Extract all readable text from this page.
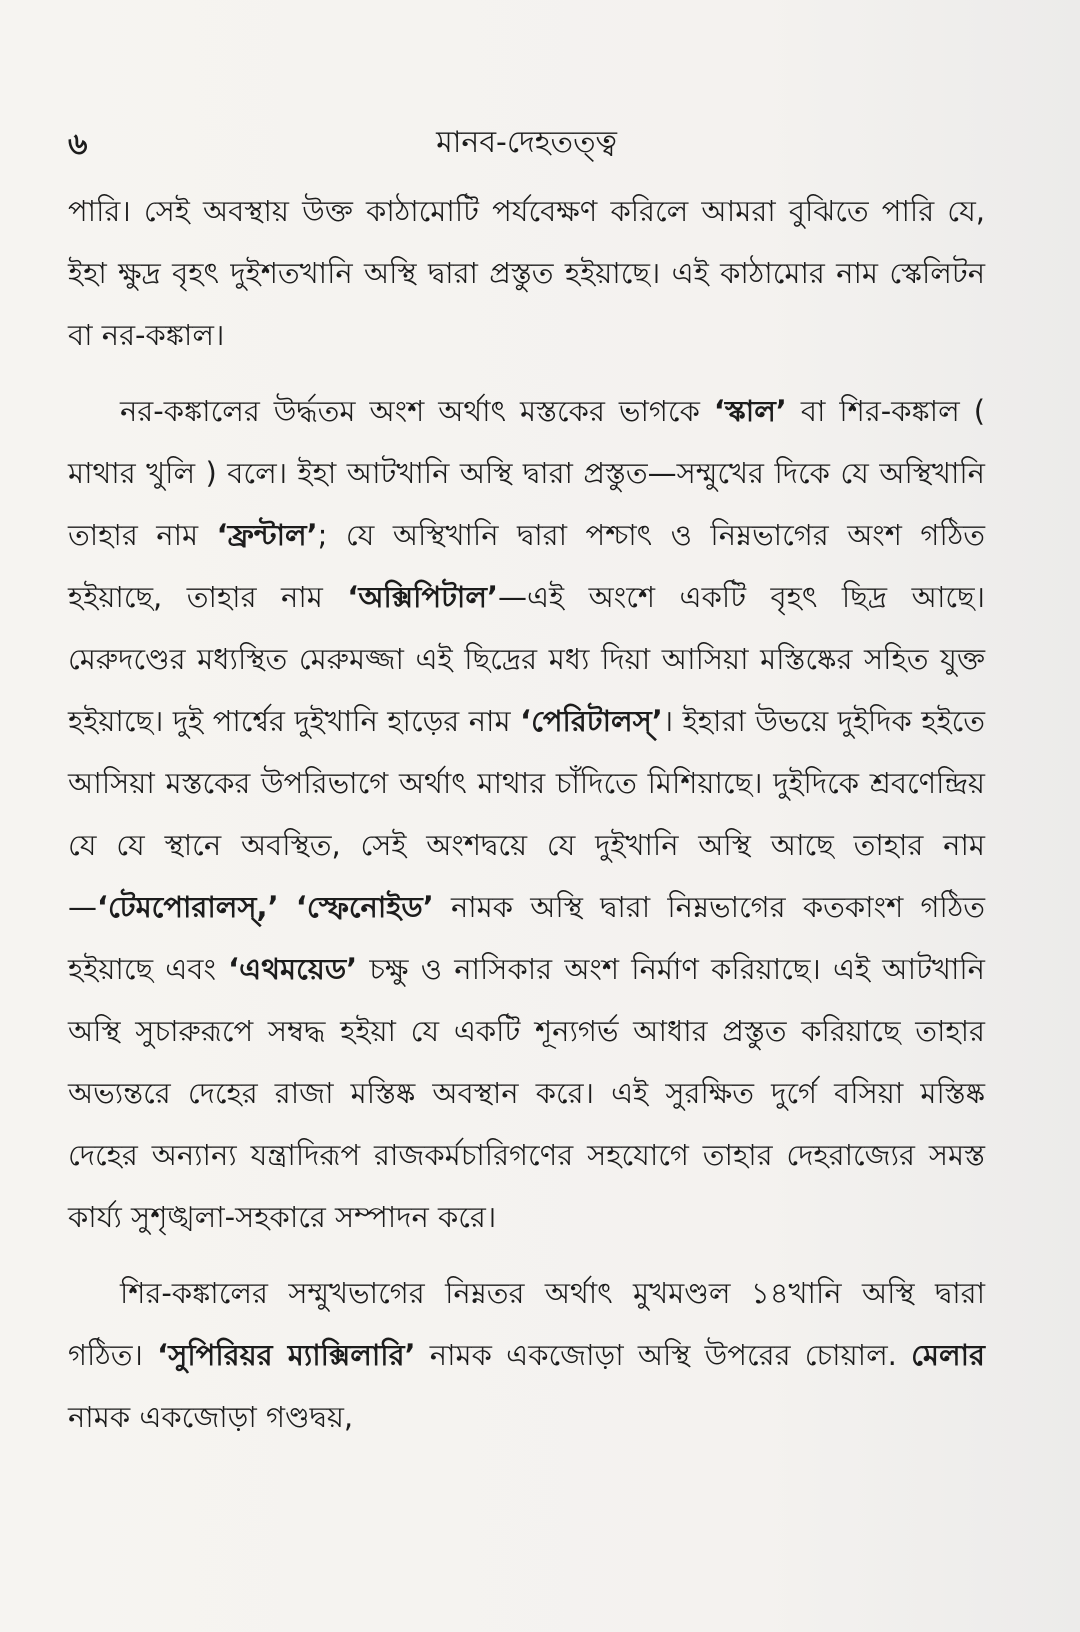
৬	মানব-দেহতত্ত্ব

পারি। সেই অবস্থায় উক্ত কাঠামোটি পর্যবেক্ষণ করিলে আমরা বুঝিতে পারি যে, ইহা ক্ষুদ্র বৃহৎ দুইশতখানি অস্থি দ্বারা প্রস্তুত হইয়াছে। এই কাঠামোর নাম স্কেলিটন বা নর-কঙ্কাল।

নর-কঙ্কালের উর্দ্ধতম অংশ অর্থাৎ মস্তকের ভাগকে ‘স্কাল’ বা শির-কঙ্কাল ( মাথার খুলি ) বলে। ইহা আটখানি অস্থি দ্বারা প্রস্তুত—সম্মুখের দিকে যে অস্থিখানি তাহার নাম ‘ফ্রন্টাল’; যে অস্থিখানি দ্বারা পশ্চাৎ ও নিম্নভাগের অংশ গঠিত হইয়াছে, তাহার নাম ‘অক্সিপিটাল’—এই অংশে একটি বৃহৎ ছিদ্র আছে। মেরুদণ্ডের মধ্যস্থিত মেরুমজ্জা এই ছিদ্রের মধ্য দিয়া আসিয়া মস্তিষ্কের সহিত যুক্ত হইয়াছে। দুই পার্শ্বের দুইখানি হাড়ের নাম ‘পেরিটালস্’। ইহারা উভয়ে দুইদিক হইতে আসিয়া মস্তকের উপরিভাগে অর্থাৎ মাথার চাঁদিতে মিশিয়াছে। দুইদিকে শ্রবণেন্দ্রিয় যে যে স্থানে অবস্থিত, সেই অংশদ্বয়ে যে দুইখানি অস্থি আছে তাহার নাম—‘টেমপোরালস্,’ ‘স্ফেনোইড’ নামক অস্থি দ্বারা নিম্নভাগের কতকাংশ গঠিত হইয়াছে এবং ‘এথময়েড’ চক্ষু ও নাসিকার অংশ নির্মাণ করিয়াছে। এই আটখানি অস্থি সুচারুরূপে সম্বদ্ধ হইয়া যে একটি শূন্যগর্ভ আধার প্রস্তুত করিয়াছে তাহার অভ্যন্তরে দেহের রাজা মস্তিষ্ক অবস্থান করে। এই সুরক্ষিত দুর্গে বসিয়া মস্তিষ্ক দেহের অন্যান্য যন্ত্রাদিরূপ রাজকর্মচারিগণের সহযোগে তাহার দেহরাজ্যের সমস্ত কার্য্য সুশৃঙ্খলা-সহকারে সম্পাদন করে।

শির-কঙ্কালের সম্মুখভাগের নিম্নতর অর্থাৎ মুখমণ্ডল ১৪খানি অস্থি দ্বারা গঠিত। ‘সুপিরিয়র ম্যাক্সিলারি’ নামক একজোড়া অস্থি উপরের চোয়াল. মেলার নামক একজোড়া গণ্ডদ্বয়,
